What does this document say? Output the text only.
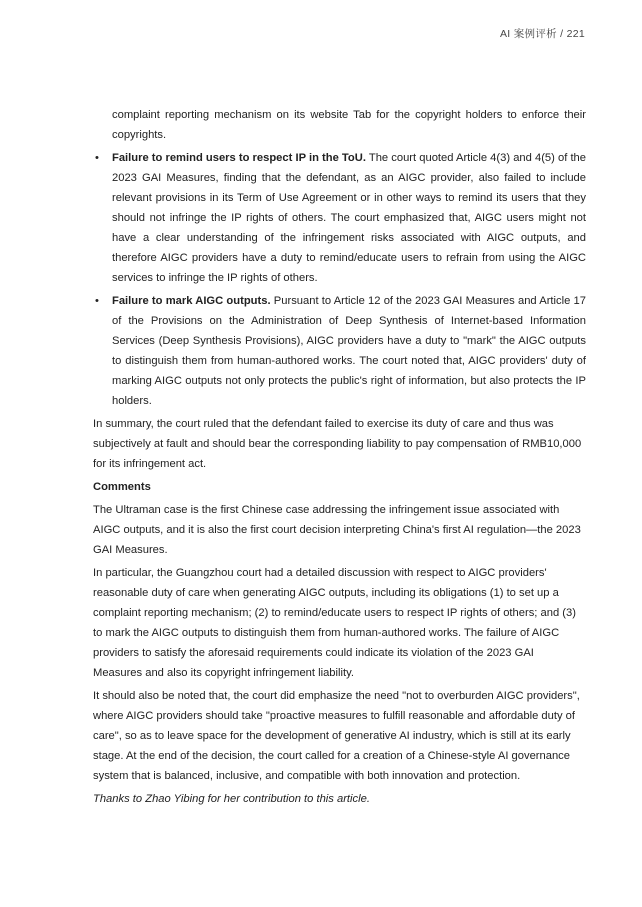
AI 案例评析 / 221

complaint reporting mechanism on its website Tab for the copyright holders to enforce their copyrights.

• Failure to remind users to respect IP in the ToU. The court quoted Article 4(3) and 4(5) of the 2023 GAI Measures, finding that the defendant, as an AIGC provider, also failed to include relevant provisions in its Term of Use Agreement or in other ways to remind its users that they should not infringe the IP rights of others. The court emphasized that, AIGC users might not have a clear understanding of the infringement risks associated with AIGC outputs, and therefore AIGC providers have a duty to remind/educate users to refrain from using the AIGC services to infringe the IP rights of others.
• Failure to mark AIGC outputs. Pursuant to Article 12 of the 2023 GAI Measures and Article 17 of the Provisions on the Administration of Deep Synthesis of Internet-based Information Services (Deep Synthesis Provisions), AIGC providers have a duty to "mark" the AIGC outputs to distinguish them from human-authored works. The court noted that, AIGC providers' duty of marking AIGC outputs not only protects the public's right of information, but also protects the IP holders.

In summary, the court ruled that the defendant failed to exercise its duty of care and thus was subjectively at fault and should bear the corresponding liability to pay compensation of RMB10,000 for its infringement act.

Comments

The Ultraman case is the first Chinese case addressing the infringement issue associated with AIGC outputs, and it is also the first court decision interpreting China's first AI regulation—the 2023 GAI Measures.

In particular, the Guangzhou court had a detailed discussion with respect to AIGC providers' reasonable duty of care when generating AIGC outputs, including its obligations (1) to set up a complaint reporting mechanism; (2) to remind/educate users to respect IP rights of others; and (3) to mark the AIGC outputs to distinguish them from human-authored works. The failure of AIGC providers to satisfy the aforesaid requirements could indicate its violation of the 2023 GAI Measures and also its copyright infringement liability.

It should also be noted that, the court did emphasize the need "not to overburden AIGC providers", where AIGC providers should take "proactive measures to fulfill reasonable and affordable duty of care", so as to leave space for the development of generative AI industry, which is still at its early stage. At the end of the decision, the court called for a creation of a Chinese-style AI governance system that is balanced, inclusive, and compatible with both innovation and protection.

Thanks to Zhao Yibing for her contribution to this article.
